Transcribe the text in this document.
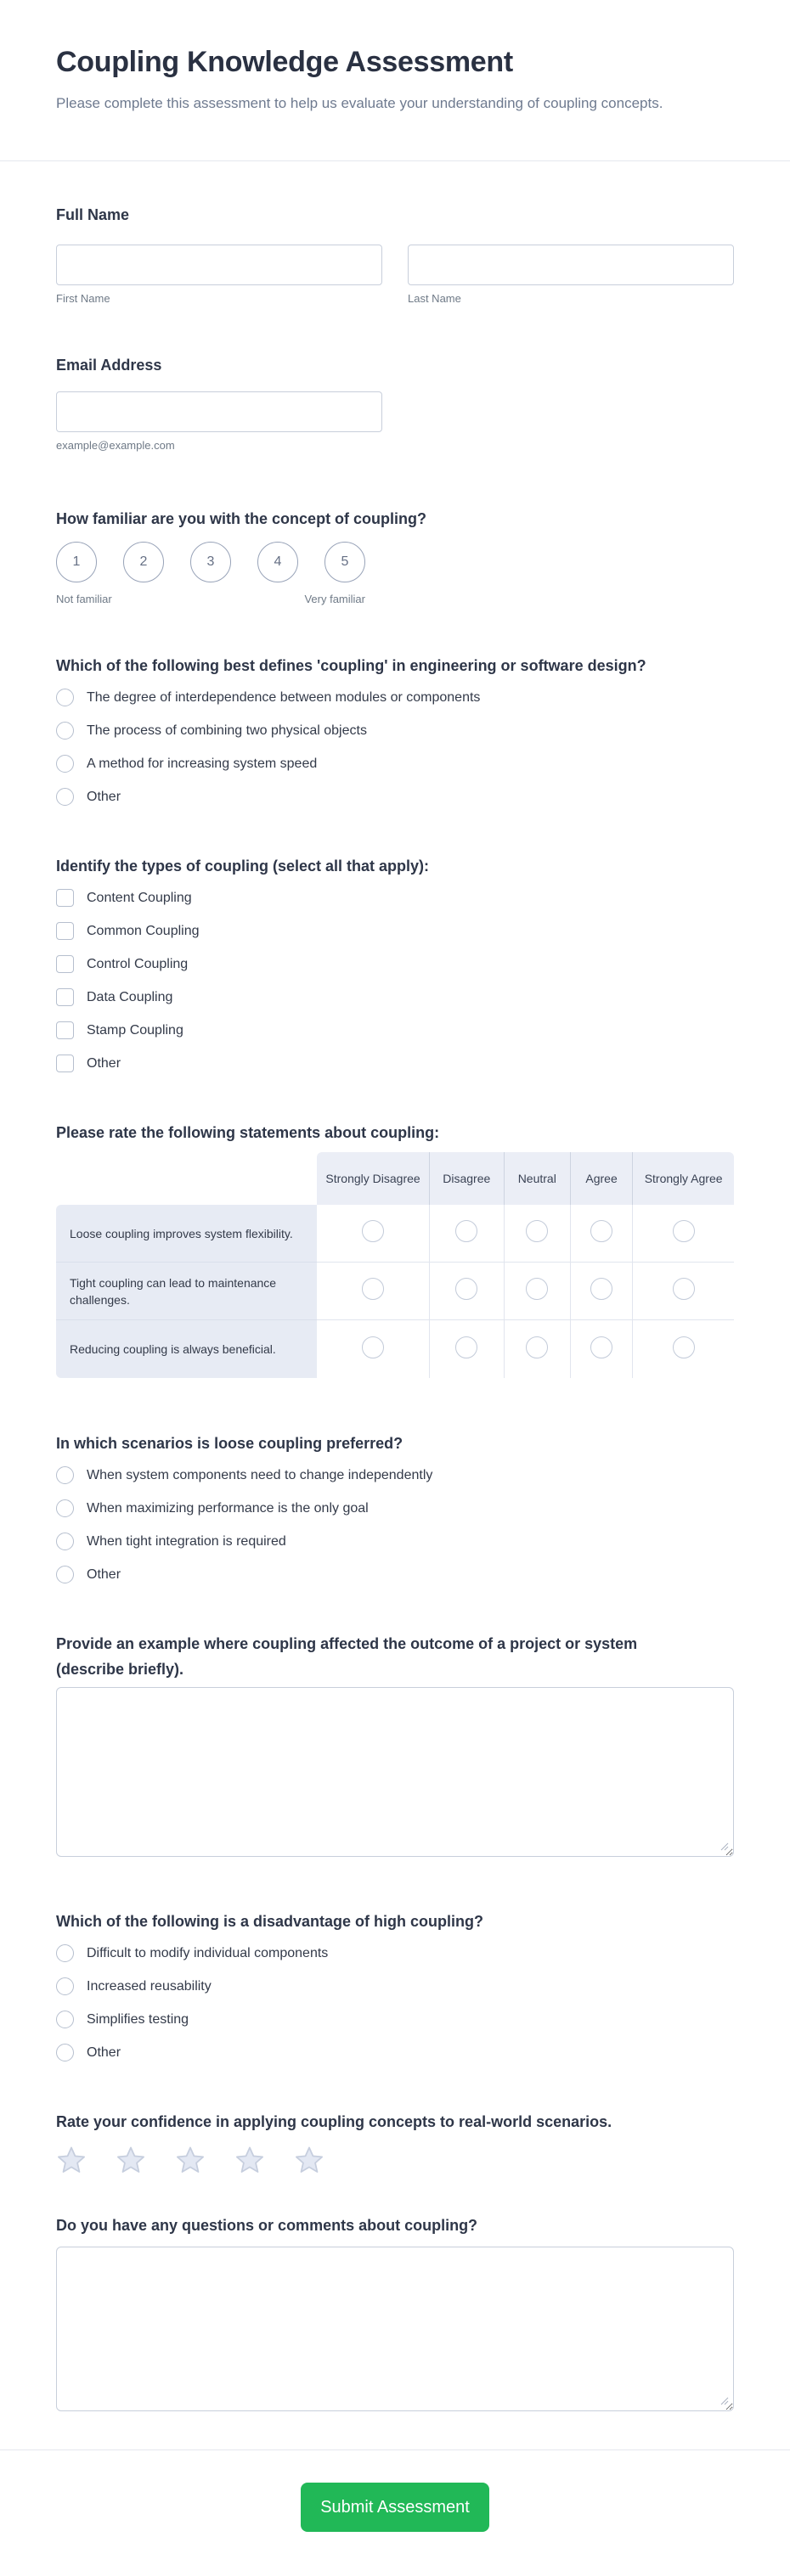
Coupling Knowledge Assessment
Please complete this assessment to help us evaluate your understanding of coupling concepts.
Full Name
First Name	Last Name
Email Address
example@example.com
How familiar are you with the concept of coupling?
1	2	3	4	5
Not familiar	Very familiar
Which of the following best defines 'coupling' in engineering or software design?
The degree of interdependence between modules or components
The process of combining two physical objects
A method for increasing system speed
Other
Identify the types of coupling (select all that apply):
Content Coupling
Common Coupling
Control Coupling
Data Coupling
Stamp Coupling
Other
Please rate the following statements about coupling:
	Strongly Disagree	Disagree	Neutral	Agree	Strongly Agree
Loose coupling improves system flexibility.					
Tight coupling can lead to maintenance challenges.					
Reducing coupling is always beneficial.					
In which scenarios is loose coupling preferred?
When system components need to change independently
When maximizing performance is the only goal
When tight integration is required
Other
Provide an example where coupling affected the outcome of a project or system (describe briefly).
Which of the following is a disadvantage of high coupling?
Difficult to modify individual components
Increased reusability
Simplifies testing
Other
Rate your confidence in applying coupling concepts to real-world scenarios.
Do you have any questions or comments about coupling?
Submit Assessment
